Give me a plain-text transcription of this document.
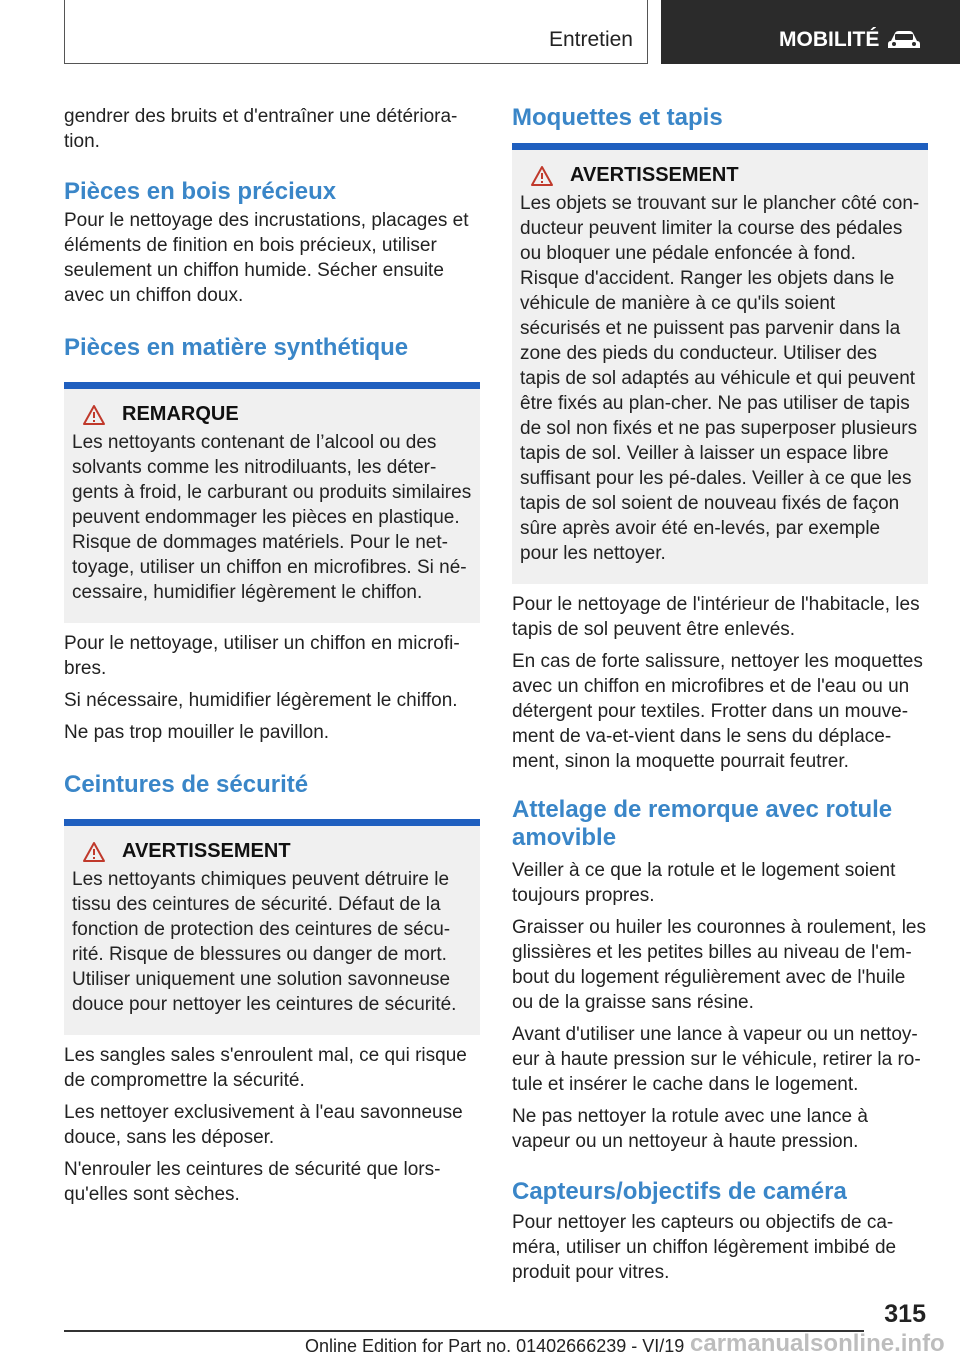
Entretien	MOBILITÉ

gendrer des bruits et d'entraîner une détériora-tion.

Pièces en bois précieux

Pour le nettoyage des incrustations, placages et éléments de finition en bois précieux, utiliser seulement un chiffon humide. Sécher ensuite avec un chiffon doux.

Pièces en matière synthétique
REMARQUE

Les nettoyants contenant de l’alcool ou des solvants comme les nitrodiluants, les déter-gents à froid, le carburant ou produits similaires peuvent endommager les pièces en plastique. Risque de dommages matériels. Pour le net-toyage, utiliser un chiffon en microfibres. Si né-cessaire, humidifier légèrement le chiffon.

Pour le nettoyage, utiliser un chiffon en microfi-bres.

Si nécessaire, humidifier légèrement le chiffon.

Ne pas trop mouiller le pavillon.

Ceintures de sécurité
AVERTISSEMENT

Les nettoyants chimiques peuvent détruire le tissu des ceintures de sécurité. Défaut de la fonction de protection des ceintures de sécu-rité. Risque de blessures ou danger de mort. Utiliser uniquement une solution savonneuse douce pour nettoyer les ceintures de sécurité.

Les sangles sales s'enroulent mal, ce qui risque de compromettre la sécurité.

Les nettoyer exclusivement à l'eau savonneuse douce, sans les déposer.

N'enrouler les ceintures de sécurité que lors-qu'elles sont sèches.

Moquettes et tapis
AVERTISSEMENT

Les objets se trouvant sur le plancher côté con-ducteur peuvent limiter la course des pédales ou bloquer une pédale enfoncée à fond. Risque d'accident. Ranger les objets dans le véhicule de manière à ce qu'ils soient sécurisés et ne puissent pas parvenir dans la zone des pieds du conducteur. Utiliser des tapis de sol adaptés au véhicule et qui peuvent être fixés au plan-cher. Ne pas utiliser de tapis de sol non fixés et ne pas superposer plusieurs tapis de sol. Veiller à laisser un espace libre suffisant pour les pé-dales. Veiller à ce que les tapis de sol soient de nouveau fixés de façon sûre après avoir été en-levés, par exemple pour les nettoyer.

Pour le nettoyage de l'intérieur de l'habitacle, les tapis de sol peuvent être enlevés.

En cas de forte salissure, nettoyer les moquettes avec un chiffon en microfibres et de l'eau ou un détergent pour textiles. Frotter dans un mouve-ment de va-et-vient dans le sens du déplace-ment, sinon la moquette pourrait feutrer.

Attelage de remorque avec rotule amovible

Veiller à ce que la rotule et le logement soient toujours propres.

Graisser ou huiler les couronnes à roulement, les glissières et les petites billes au niveau de l'em-bout du logement régulièrement avec de l'huile ou de la graisse sans résine.

Avant d'utiliser une lance à vapeur ou un nettoy-eur à haute pression sur le véhicule, retirer la ro-tule et insérer le cache dans le logement.

Ne pas nettoyer la rotule avec une lance à vapeur ou un nettoyeur à haute pression.

Capteurs/objectifs de caméra

Pour nettoyer les capteurs ou objectifs de ca-méra, utiliser un chiffon légèrement imbibé de produit pour vitres.

315
Online Edition for Part no. 01402666239 - VI/19 carmanualsonline.info
